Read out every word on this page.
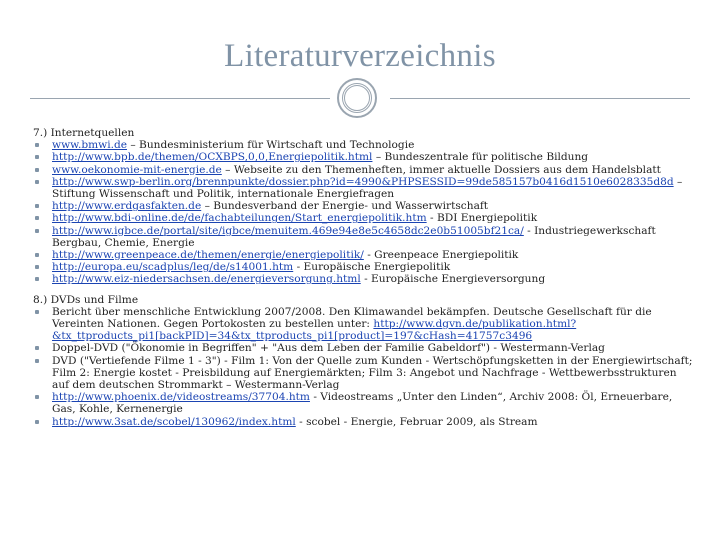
Literaturverzeichnis
7.) Internetquellen
www.bmwi.de – Bundesministerium für Wirtschaft und Technologie
http://www.bpb.de/themen/OCXBPS,0,0,Energiepolitik.html – Bundeszentrale für politische Bildung
www.oekonomie-mit-energie.de – Webseite zu den Themenheften, immer aktuelle Dossiers aus dem Handelsblatt
http://www.swp-berlin.org/brennpunkte/dossier.php?id=4990&PHPSESSID=99de585157b0416d1510e6028335d8d – Stiftung Wissenschaft und Politik, internationale Energiefragen
http://www.erdgasfakten.de – Bundesverband der Energie- und Wasserwirtschaft
http://www.bdi-online.de/de/fachabteilungen/Start_energiepolitik.htm - BDI Energiepolitik
http://www.igbce.de/portal/site/igbce/menuitem.469e94e8e5c4658dc2e0b51005bf21ca/ - Industriegewerkschaft Bergbau, Chemie, Energie
http://www.greenpeace.de/themen/energie/energiepolitik/ - Greenpeace Energiepolitik
http://europa.eu/scadplus/leg/de/s14001.htm - Europäische Energiepolitik
http://www.eiz-niedersachsen.de/energieversorgung.html - Europäische Energieversorgung
8.) DVDs und Filme
Bericht über menschliche Entwicklung 2007/2008. Den Klimawandel bekämpfen. Deutsche Gesellschaft für die Vereinten Nationen. Gegen Portokosten zu bestellen unter: http://www.dgvn.de/publikation.html?&tx_ttproducts_pi1[backPID]=34&tx_ttproducts_pi1[product]=197&cHash=41757c3496
Doppel-DVD ("Ökonomie in Begriffen" + "Aus dem Leben der Familie Gabeldorf") - Westermann-Verlag
DVD ("Vertiefende Filme 1 - 3") - Film 1: Von der Quelle zum Kunden - Wertschöpfungsketten in der Energiewirtschaft; Film 2: Energie kostet - Preisbildung auf Energiemärkten; Film 3: Angebot und Nachfrage - Wettbewerbsstrukturen auf dem deutschen Strommarkt – Westermann-Verlag
http://www.phoenix.de/videostreams/37704.htm - Videostreams „Unter den Linden“, Archiv 2008: Öl, Erneuerbare, Gas, Kohle, Kernenergie
http://www.3sat.de/scobel/130962/index.html - scobel - Energie, Februar 2009, als Stream
